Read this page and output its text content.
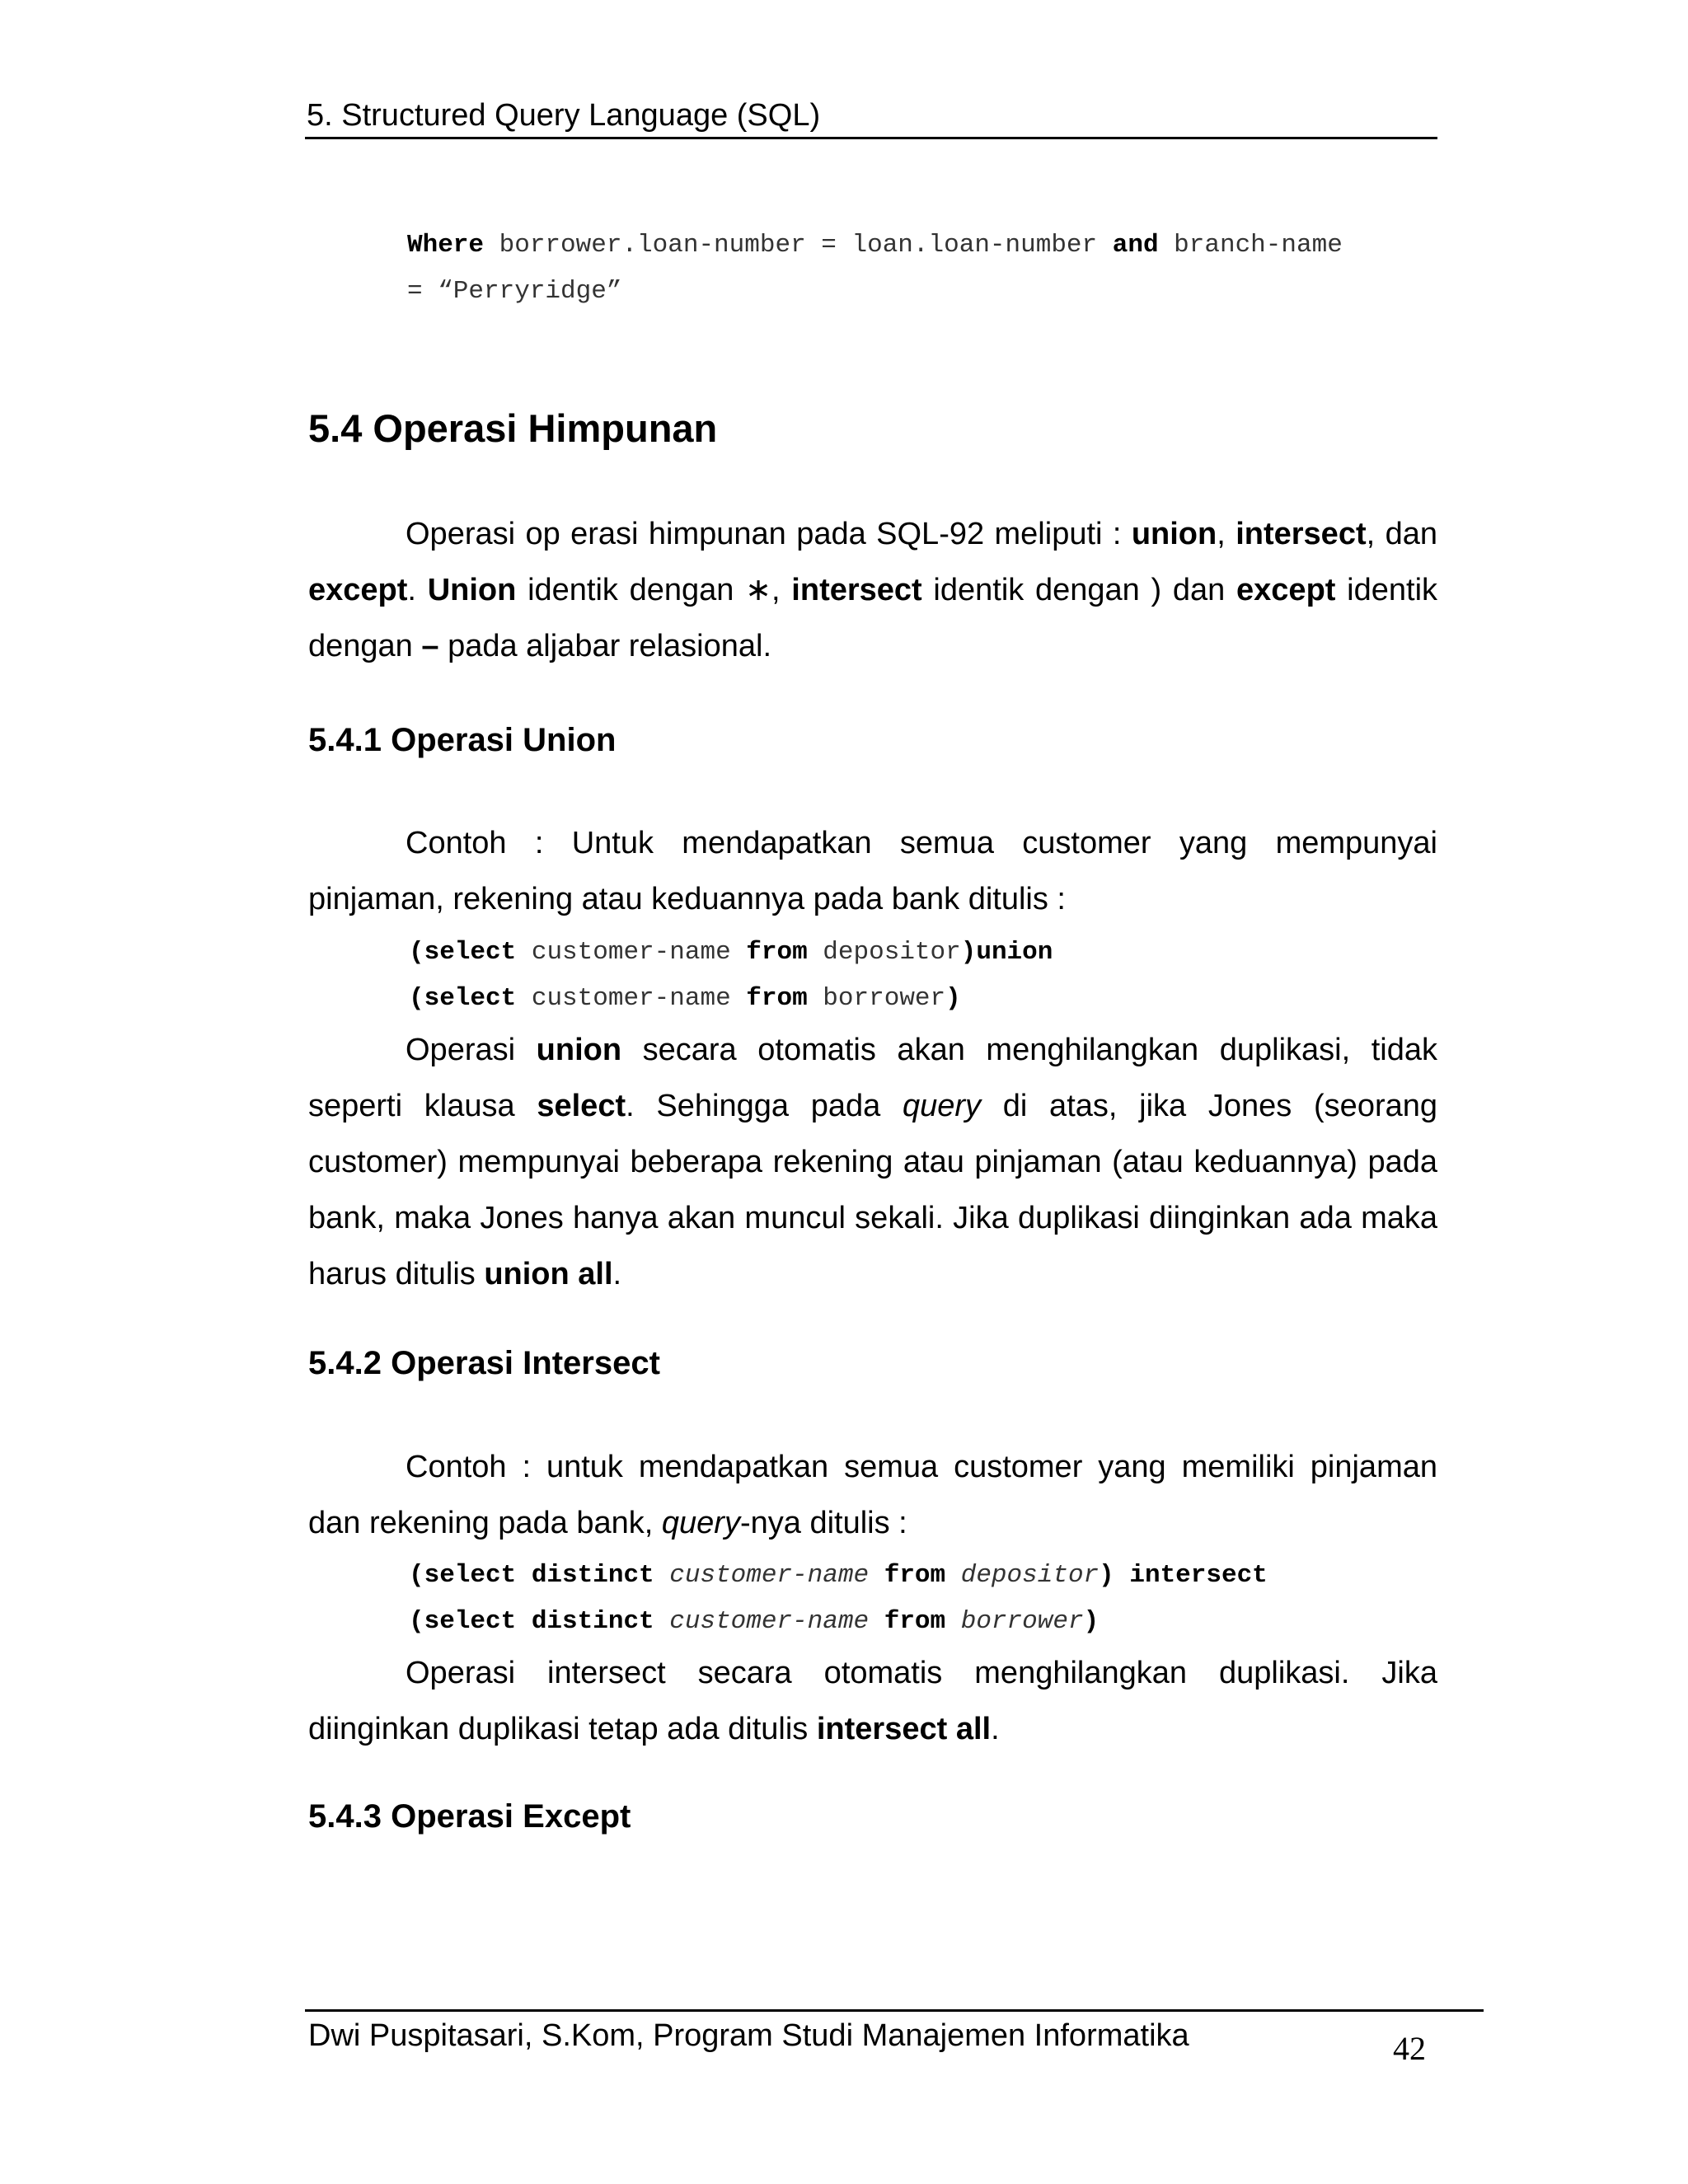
5. Structured Query Language (SQL)
Where borrower.loan-number = loan.loan-number and branch-name
= “Perryridge”
5.4 Operasi Himpunan

Operasi op erasi himpunan pada SQL-92 meliputi : union, intersect, dan except. Union identik dengan ∗, intersect identik dengan ) dan except identik dengan – pada aljabar relasional.

5.4.1 Operasi Union

Contoh : Untuk mendapatkan semua customer yang mempunyai pinjaman, rekening atau keduannya pada bank ditulis :

(select customer-name from depositor)union
(select customer-name from borrower)

Operasi union secara otomatis akan menghilangkan duplikasi, tidak seperti klausa select. Sehingga pada query di atas, jika Jones (seorang customer) mempunyai beberapa rekening atau pinjaman (atau keduannya) pada bank, maka Jones hanya akan muncul sekali. Jika duplikasi diinginkan ada maka harus ditulis union all.

5.4.2 Operasi Intersect

Contoh : untuk mendapatkan semua customer yang memiliki pinjaman dan rekening pada bank, query-nya ditulis :

(select distinct customer-name from depositor) intersect
(select distinct customer-name from borrower)

Operasi intersect secara otomatis menghilangkan duplikasi. Jika diinginkan duplikasi tetap ada ditulis intersect all.

5.4.3 Operasi Except
Dwi Puspitasari, S.Kom, Program Studi Manajemen Informatika	42
